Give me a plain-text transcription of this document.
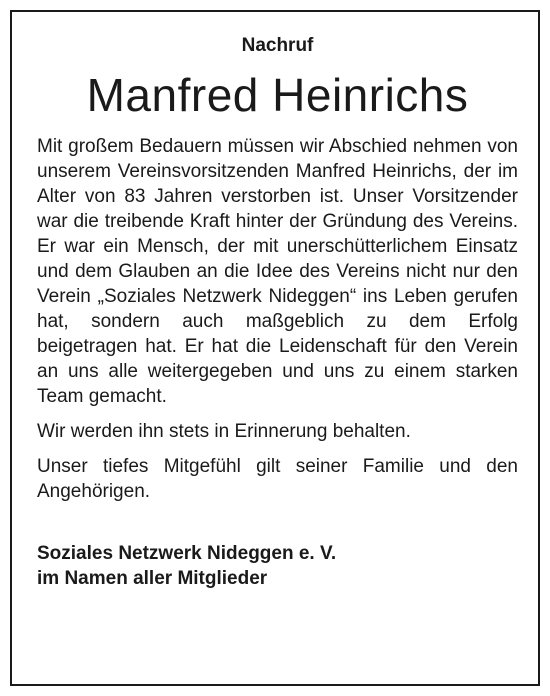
Nachruf

Manfred Heinrichs

Mit großem Bedauern müssen wir Abschied nehmen von unserem Vereinsvorsitzenden Manfred Heinrichs, der im Alter von 83 Jahren verstorben ist. Unser Vorsitzender war die treibende Kraft hinter der Gründung des Vereins. Er war ein Mensch, der mit unerschütterlichem Einsatz und dem Glauben an die Idee des Vereins nicht nur den Verein „Soziales Netzwerk Nideggen“ ins Leben gerufen hat, sondern auch maßgeblich zu dem Erfolg beigetragen hat. Er hat die Leidenschaft für den Verein an uns alle weitergegeben und uns zu einem starken Team gemacht.

Wir werden ihn stets in Erinnerung behalten.

Unser tiefes Mitgefühl gilt seiner Familie und den Angehörigen.

Soziales Netzwerk Nideggen e. V.
im Namen aller Mitglieder
